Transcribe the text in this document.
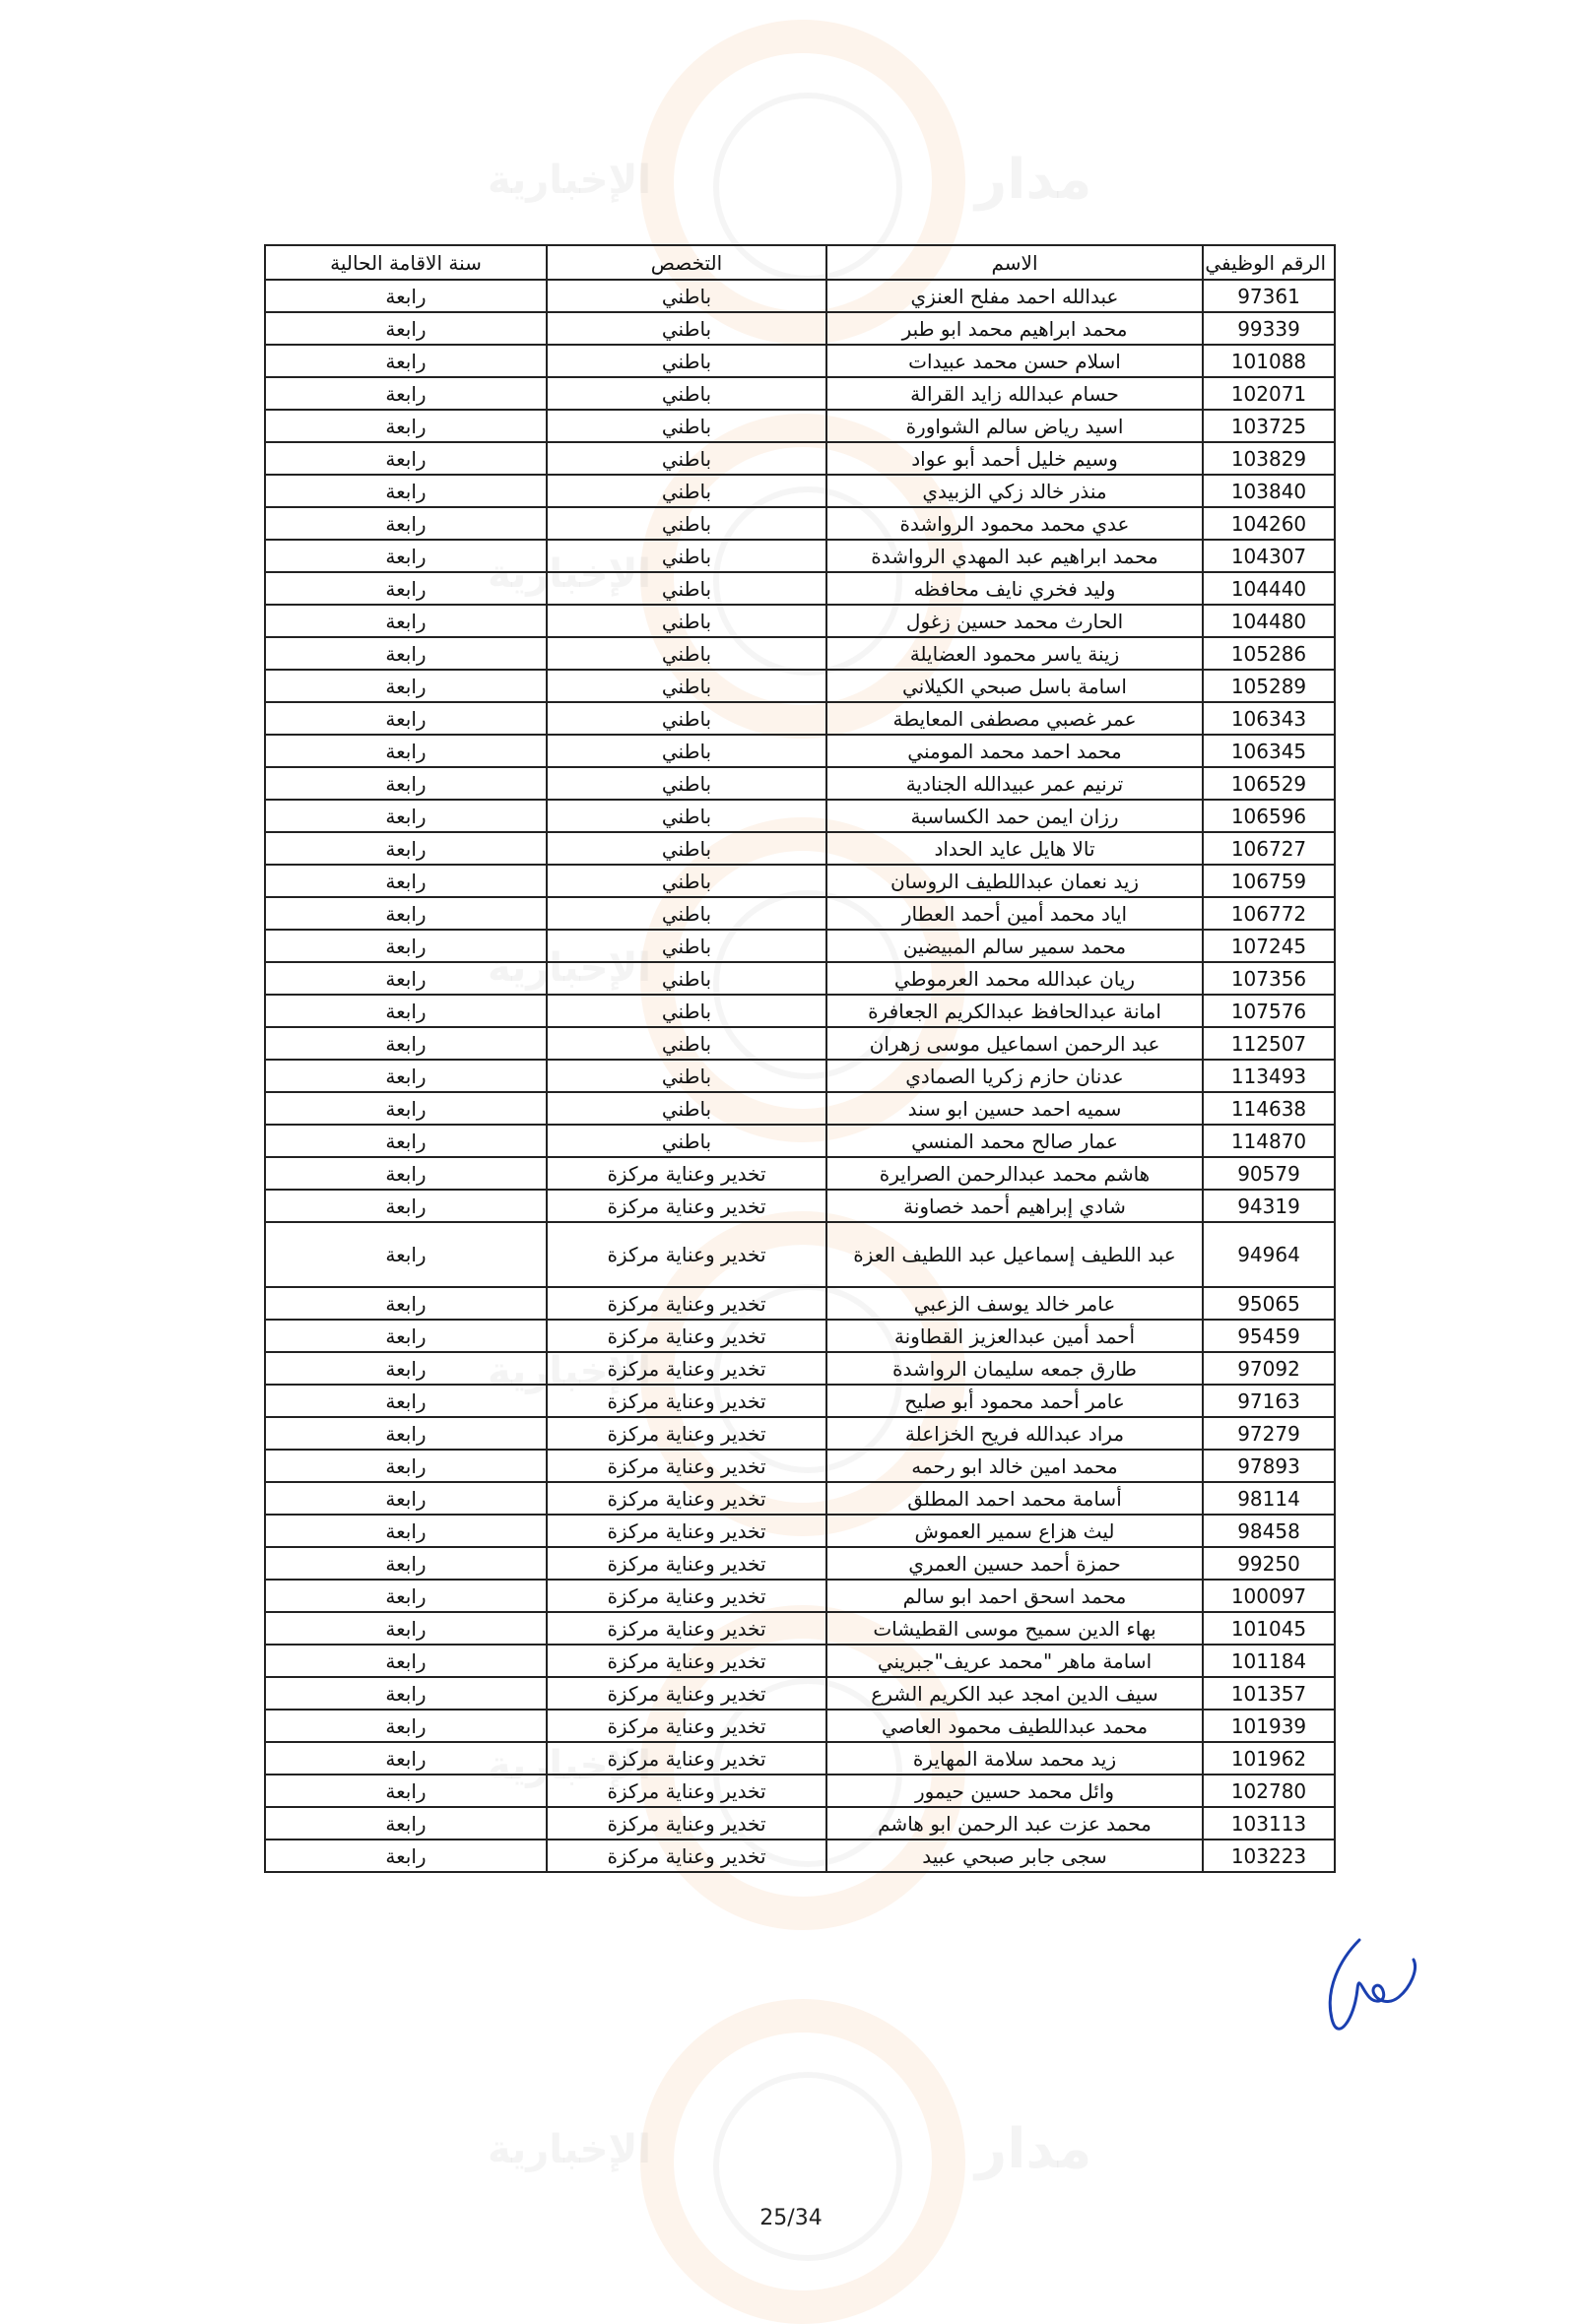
الإخبارية	مدار
الإخبارية
الإخبارية
الإخبارية
الإخبارية
الإخبارية	مدار
الرقم الوظيفي	الاسم	التخصص	سنة الاقامة الحالية
97361	عبدالله احمد مفلح العنزي	باطني	رابعة
99339	محمد ابراهيم محمد ابو طبر	باطني	رابعة
101088	اسلام حسن محمد عبيدات	باطني	رابعة
102071	حسام عبدالله زايد القرالة	باطني	رابعة
103725	اسيد رياض سالم الشواورة	باطني	رابعة
103829	وسيم خليل أحمد أبو عواد	باطني	رابعة
103840	منذر خالد زكي الزبيدي	باطني	رابعة
104260	عدي محمد محمود الرواشدة	باطني	رابعة
104307	محمد ابراهيم عبد المهدي الرواشدة	باطني	رابعة
104440	وليد فخري نايف محافظه	باطني	رابعة
104480	الحارث محمد حسين زغول	باطني	رابعة
105286	زينة ياسر محمود العضايلة	باطني	رابعة
105289	اسامة باسل صبحي الكيلاني	باطني	رابعة
106343	عمر غصبي مصطفى المعايطة	باطني	رابعة
106345	محمد احمد محمد المومني	باطني	رابعة
106529	ترنيم عمر عبيدالله الجنادية	باطني	رابعة
106596	رزان ايمن حمد الكساسبة	باطني	رابعة
106727	تالا هايل عايد الحداد	باطني	رابعة
106759	زيد نعمان عبداللطيف الروسان	باطني	رابعة
106772	اياد محمد أمين أحمد العطار	باطني	رابعة
107245	محمد سمير سالم المبيضين	باطني	رابعة
107356	ريان عبدالله محمد العرموطي	باطني	رابعة
107576	امانة عبدالحافظ عبدالكريم الجعافرة	باطني	رابعة
112507	عبد الرحمن اسماعيل موسى زهران	باطني	رابعة
113493	عدنان حازم زكريا الصمادي	باطني	رابعة
114638	سميه احمد حسين ابو سند	باطني	رابعة
114870	عمار صالح محمد المنسي	باطني	رابعة
90579	هاشم محمد عبدالرحمن الصرايرة	تخدير وعناية مركزة	رابعة
94319	شادي إبراهيم أحمد خصاونة	تخدير وعناية مركزة	رابعة
94964	عبد اللطيف إسماعيل عبد اللطيف العزة	تخدير وعناية مركزة	رابعة
95065	عامر خالد يوسف الزعبي	تخدير وعناية مركزة	رابعة
95459	أحمد أمين عبدالعزيز القطاونة	تخدير وعناية مركزة	رابعة
97092	طارق جمعه سليمان الرواشدة	تخدير وعناية مركزة	رابعة
97163	عامر أحمد محمود أبو صليح	تخدير وعناية مركزة	رابعة
97279	مراد عبدالله فريح الخزاعلة	تخدير وعناية مركزة	رابعة
97893	محمد امين خالد ابو رحمه	تخدير وعناية مركزة	رابعة
98114	أسامة محمد احمد المطلق	تخدير وعناية مركزة	رابعة
98458	ليث هزاع سمير العموش	تخدير وعناية مركزة	رابعة
99250	حمزة أحمد حسين العمري	تخدير وعناية مركزة	رابعة
100097	محمد اسحق احمد ابو سالم	تخدير وعناية مركزة	رابعة
101045	بهاء الدين سميح موسى القطيشات	تخدير وعناية مركزة	رابعة
101184	اسامة ماهر "محمد عريف"جبريني	تخدير وعناية مركزة	رابعة
101357	سيف الدين امجد عبد الكريم الشرع	تخدير وعناية مركزة	رابعة
101939	محمد عبداللطيف محمود العاصي	تخدير وعناية مركزة	رابعة
101962	زيد محمد سلامة المهايرة	تخدير وعناية مركزة	رابعة
102780	وائل محمد حسين حيمور	تخدير وعناية مركزة	رابعة
103113	محمد عزت عبد الرحمن ابو هاشم	تخدير وعناية مركزة	رابعة
103223	سجى جابر صبحي عبيد	تخدير وعناية مركزة	رابعة
25/34
